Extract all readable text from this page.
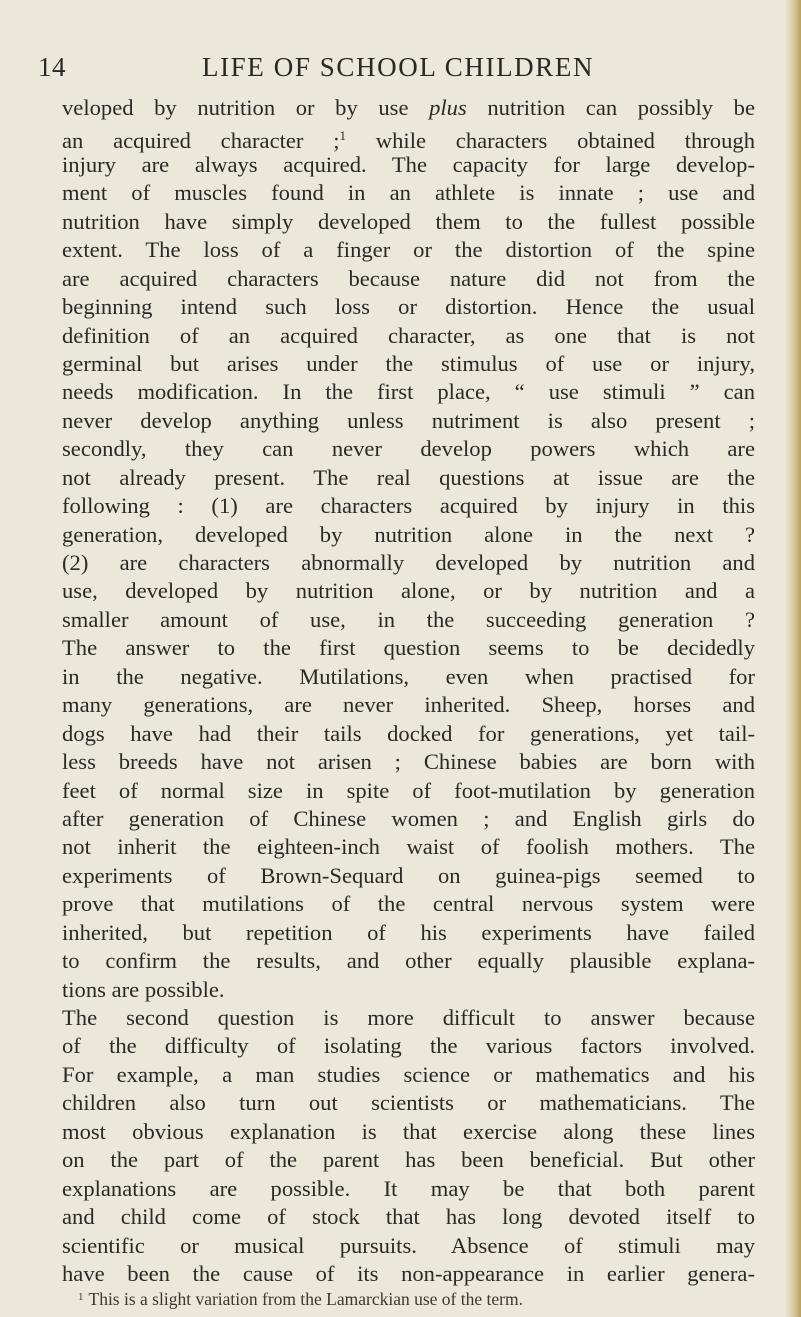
14	LIFE OF SCHOOL CHILDREN
veloped by nutrition or by use plus nutrition can possibly be
an acquired character ;$^1$ while characters obtained through
injury are always acquired. The capacity for large develop-
ment of muscles found in an athlete is innate ; use and
nutrition have simply developed them to the fullest possible
extent. The loss of a finger or the distortion of the spine
are acquired characters because nature did not from the
beginning intend such loss or distortion. Hence the usual
definition of an acquired character, as one that is not
germinal but arises under the stimulus of use or injury,
needs modification. In the first place, “ use stimuli ” can
never develop anything unless nutriment is also present ;
secondly, they can never develop powers which are
not already present. The real questions at issue are the
following : (1) are characters acquired by injury in this
generation, developed by nutrition alone in the next ?
(2) are characters abnormally developed by nutrition and
use, developed by nutrition alone, or by nutrition and a
smaller amount of use, in the succeeding generation ?
The answer to the first question seems to be decidedly
in the negative. Mutilations, even when practised for
many generations, are never inherited. Sheep, horses and
dogs have had their tails docked for generations, yet tail-
less breeds have not arisen ; Chinese babies are born with
feet of normal size in spite of foot-mutilation by generation
after generation of Chinese women ; and English girls do
not inherit the eighteen-inch waist of foolish mothers. The
experiments of Brown-Sequard on guinea-pigs seemed to
prove that mutilations of the central nervous system were
inherited, but repetition of his experiments have failed
to confirm the results, and other equally plausible explana-
tions are possible.
The second question is more difficult to answer because
of the difficulty of isolating the various factors involved.
For example, a man studies science or mathematics and his
children also turn out scientists or mathematicians. The
most obvious explanation is that exercise along these lines
on the part of the parent has been beneficial. But other
explanations are possible. It may be that both parent
and child come of stock that has long devoted itself to
scientific or musical pursuits. Absence of stimuli may
have been the cause of its non-appearance in earlier genera-
$^1$ This is a slight variation from the Lamarckian use of the term.
